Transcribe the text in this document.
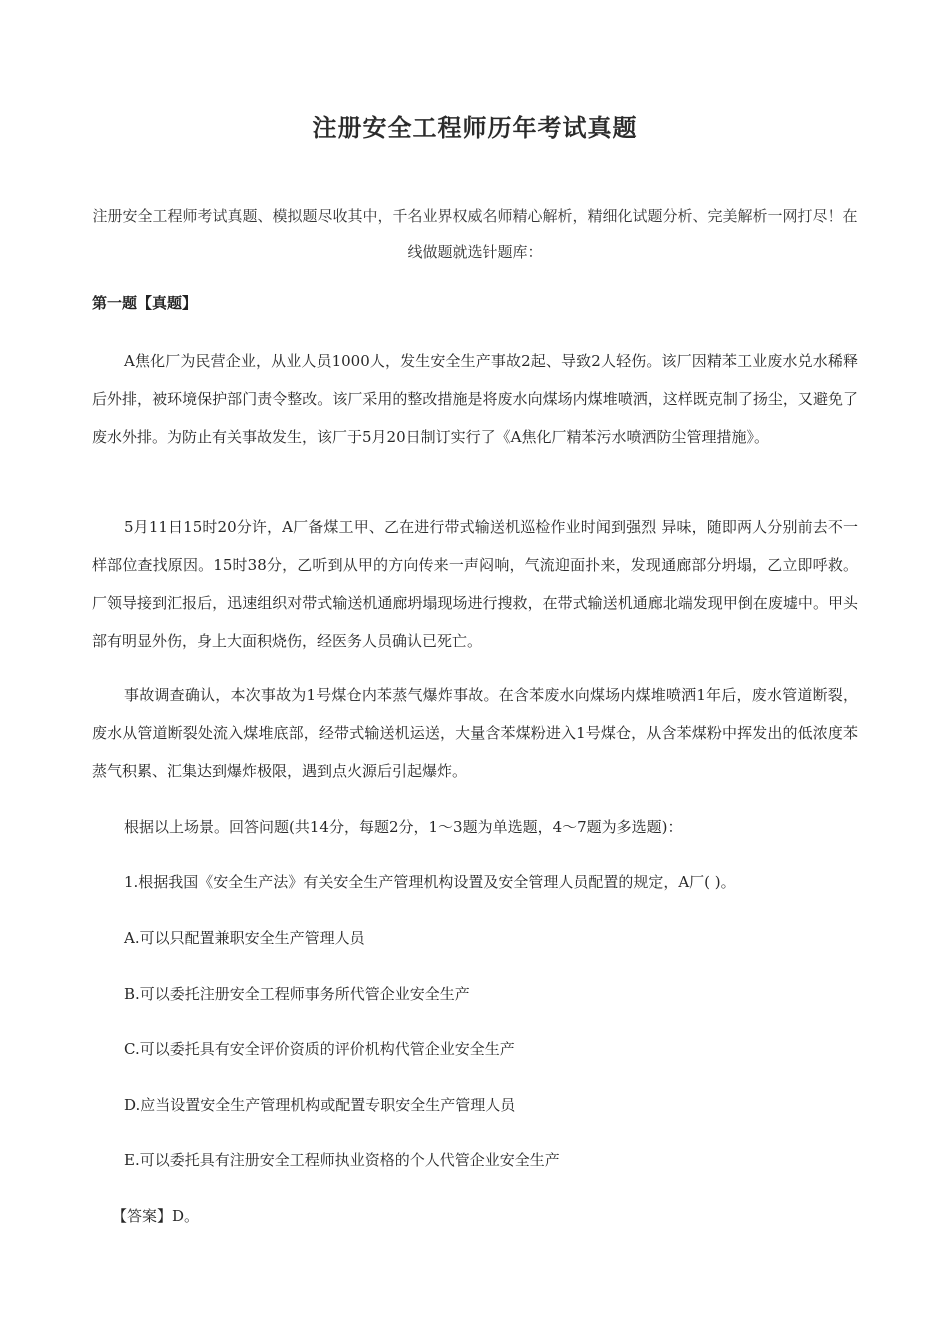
注册安全工程师历年考试真题

注册安全工程师考试真题、模拟题尽收其中，千名业界权威名师精心解析，精细化试题分析、完美解析一网打尽！在线做题就选针题库：

第一题【真题】

A焦化厂为民营企业，从业人员1000人，发生安全生产事故2起、导致2人轻伤。该厂因精苯工业废水兑水稀释后外排，被环境保护部门责令整改。该厂采用的整改措施是将废水向煤场内煤堆喷洒，这样既克制了扬尘，又避免了废水外排。为防止有关事故发生，该厂于5月20日制订实行了《A焦化厂精苯污水喷洒防尘管理措施》。

5月11日15时20分许，A厂备煤工甲、乙在进行带式输送机巡检作业时闻到强烈 异味，随即两人分别前去不一样部位查找原因。15时38分，乙听到从甲的方向传来一声闷响，气流迎面扑来，发现通廊部分坍塌，乙立即呼救。厂领导接到汇报后，迅速组织对带式输送机通廊坍塌现场进行搜救，在带式输送机通廊北端发现甲倒在废墟中。甲头部有明显外伤，身上大面积烧伤，经医务人员确认已死亡。

事故调查确认，本次事故为1号煤仓内苯蒸气爆炸事故。在含苯废水向煤场内煤堆喷洒1年后，废水管道断裂，废水从管道断裂处流入煤堆底部，经带式输送机运送，大量含苯煤粉进入1号煤仓，从含苯煤粉中挥发出的低浓度苯蒸气积累、汇集达到爆炸极限，遇到点火源后引起爆炸。

根据以上场景。回答问题(共14分，每题2分，1～3题为单选题，4～7题为多选题)：

1.根据我国《安全生产法》有关安全生产管理机构设置及安全管理人员配置的规定，A厂( )。

A.可以只配置兼职安全生产管理人员

B.可以委托注册安全工程师事务所代管企业安全生产

C.可以委托具有安全评价资质的评价机构代管企业安全生产

D.应当设置安全生产管理机构或配置专职安全生产管理人员

E.可以委托具有注册安全工程师执业资格的个人代管企业安全生产

【答案】D。
